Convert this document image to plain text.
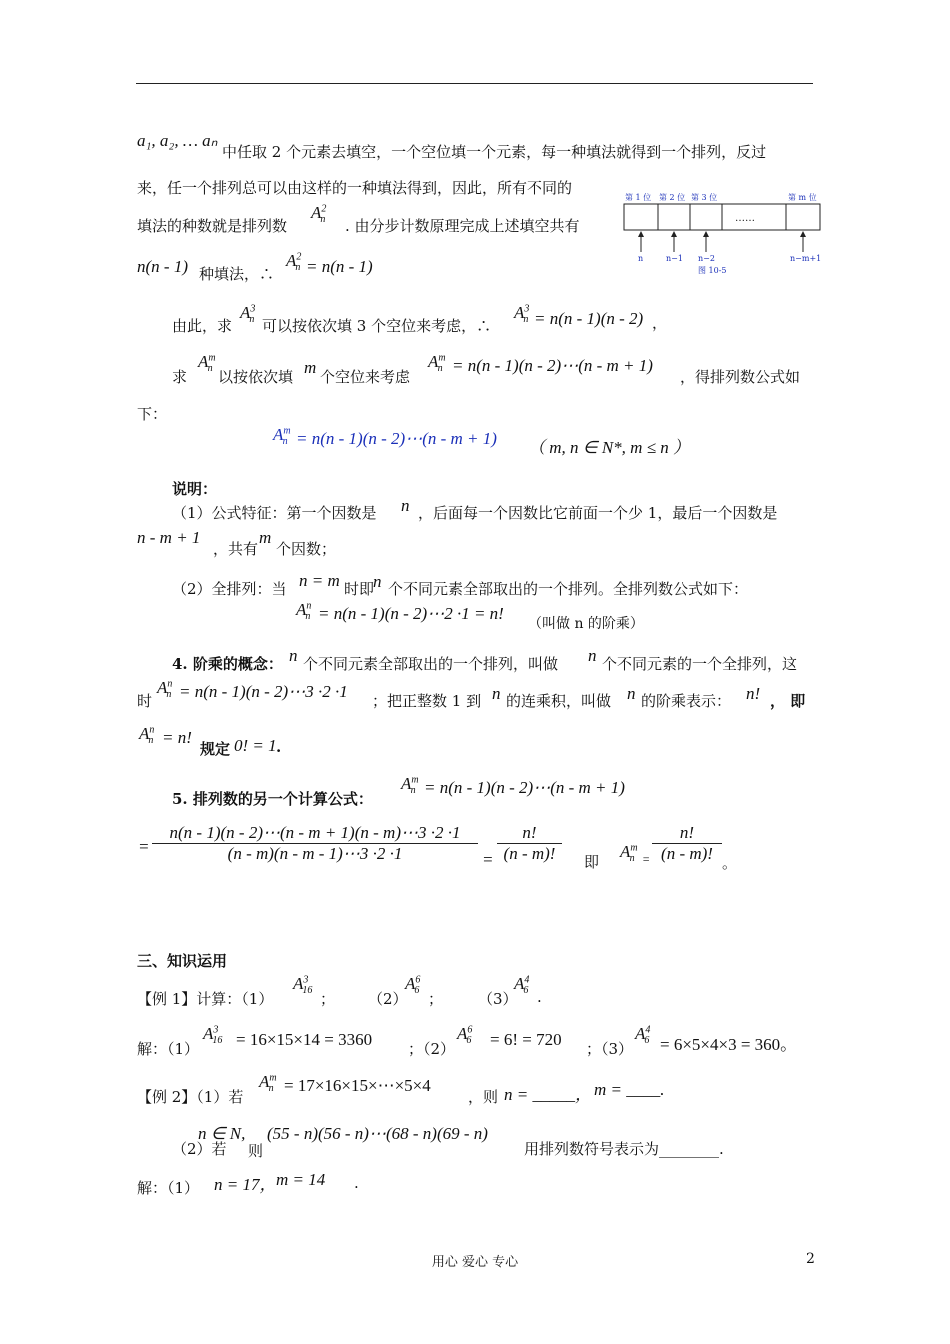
a₁, a₂, … aₙ
中任取 2 个元素去填空，一个空位填一个元素，每一种填法就得到一个排列，反过
来，任一个排列总可以由这样的一种填法得到，因此，所有不同的
填法的种数就是排列数
$A^2_n$ . 由分步计数原理完成上述填空共有
n(n - 1) 种填法，∴
$A^2_n = n(n - 1)$
第 1 位 第 2 位 第 3 位
……
第 m 位
n	n−1 n−2	n−m+1
图 10-5
由此，求
$A^3_n$ 可以按依次填 3 个空位来考虑，∴
$A^3_n = n(n - 1)(n - 2)$ ，
求
$A^m_n$ 以按依次填 m 个空位来考虑
$A^m_n = n(n - 1)(n$ - 2)⋯(n - m + 1)
，得排列数公式如
下：
$A^m_n = n(n - 1)(n$ - 2)⋯(n - m + 1) （ m, n ∈ N*, m ≤ n ）
说明：
（1）公式特征：第一个因数是 n ，后面每一个因数比它前面一个少 1，最后一个因数是
n - m + 1
，共有
m
个因数；
（2）全排列：当 n = m 时即
n 个不同元素全部取出的一个排列。全排列数公式如下：
$A^n_n = n(n - 1)(n$ - 2)⋯2 ·1 = n!
（叫做 n 的阶乘）
4. 阶乘的概念： n 个不同元素全部取出的一个排列，叫做 n 个不同元素的一个全排列，这
时
$A^n_n = n(n - 1)(n$ - 2)⋯3 ·2 ·1 ；把正整数 1 到 n 的连乘积，叫做 n 的阶乘表示： n! ， 即
$A^n_n = n$!
规定 0! = 1 .
5. 排列数的另一个计算公式：
$A^m_n = n(n - 1)(n$ - 2)⋯(n - m + 1)
=
n(n - 1)(n - 2)⋯(n - m + 1)(n - m)⋯3 ·2 ·1
(n - m)(n - m - 1)⋯3 ·2 ·1	=
n!
(n - m)!	即
$A^m_n$ =
n!
(n - m)! 。
三、知识运用
【例 1】计算：（1）
$A^3_{16}$ ； （2）
$A^6_6$ ； （3）
$A^4_6$ .
解：（1）
$A^3_{16} = 16\times 15\times 14 = 3360$ ；（2）
$A^6_6 = 6$! = 720 ；（3）
$A^4_6 = 6\times 5\times 4\times 3 = 360$。
【例 2】（1）若
$A^m_n$ = 17×16×15×⋯×5×4
，则 n = _____， m = ____.
（2）若
n ∈ N,
则
(55 - n)(56 - n)⋯(68 - n)(69 - n)
用排列数符号表示为________.
解：（1） n = 17， m = 14 .
用心 爱心 专心	2
